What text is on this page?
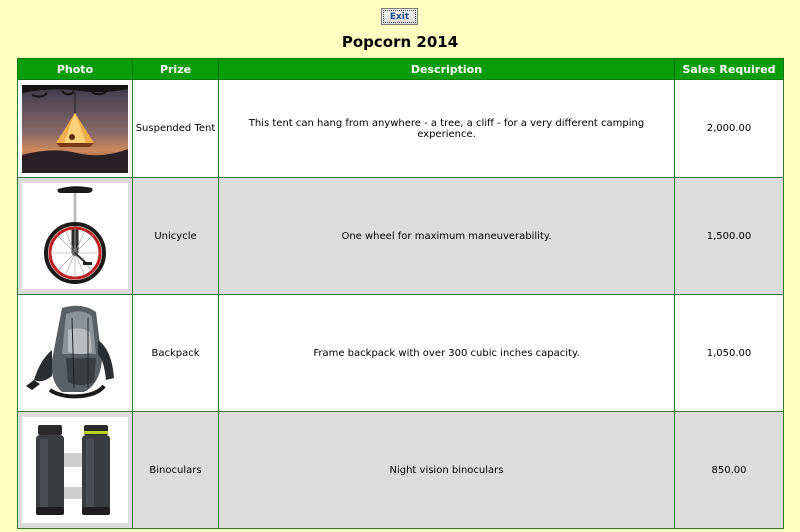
Exit
Popcorn 2014
Photo	Prize	Description	Sales Required

	Suspended Tent	This tent can hang from anywhere - a tree, a cliff - for a very different camping experience.	2,000.00

	Unicycle	One wheel for maximum maneuverability.	1,500.00

	Backpack	Frame backpack with over 300 cubic inches capacity.	1,050.00

	Binoculars	Night vision binoculars	850.00
